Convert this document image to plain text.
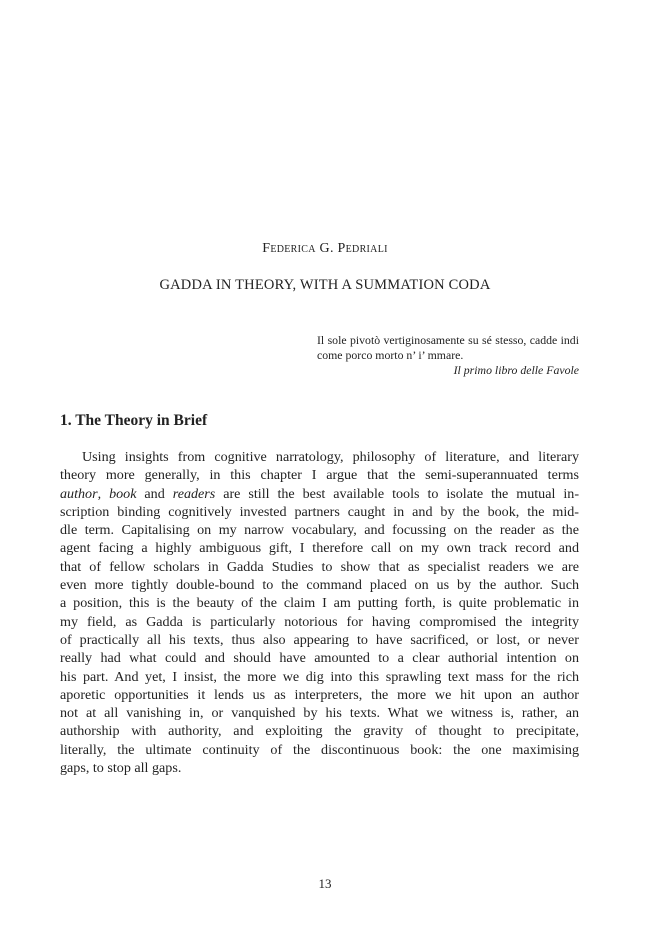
Federica G. Pedriali
GADDA IN THEORY, WITH A SUMMATION CODA
Il sole pivotò vertiginosamente su sé stesso, cadde indi come porco morto n’ i’ mmare.
Il primo libro delle Favole
1. The Theory in Brief
Using insights from cognitive narratology, philosophy of literature, and literary
theory more generally, in this chapter I argue that the semi-superannuated terms
author, book and readers are still the best available tools to isolate the mutual in-
scription binding cognitively invested partners caught in and by the book, the mid-
dle term. Capitalising on my narrow vocabulary, and focussing on the reader as the
agent facing a highly ambiguous gift, I therefore call on my own track record and
that of fellow scholars in Gadda Studies to show that as specialist readers we are
even more tightly double-bound to the command placed on us by the author. Such
a position, this is the beauty of the claim I am putting forth, is quite problematic in
my field, as Gadda is particularly notorious for having compromised the integrity
of practically all his texts, thus also appearing to have sacrificed, or lost, or never
really had what could and should have amounted to a clear authorial intention on
his part. And yet, I insist, the more we dig into this sprawling text mass for the rich
aporetic opportunities it lends us as interpreters, the more we hit upon an author
not at all vanishing in, or vanquished by his texts. What we witness is, rather, an
authorship with authority, and exploiting the gravity of thought to precipitate,
literally, the ultimate continuity of the discontinuous book: the one maximising
gaps, to stop all gaps.
13
